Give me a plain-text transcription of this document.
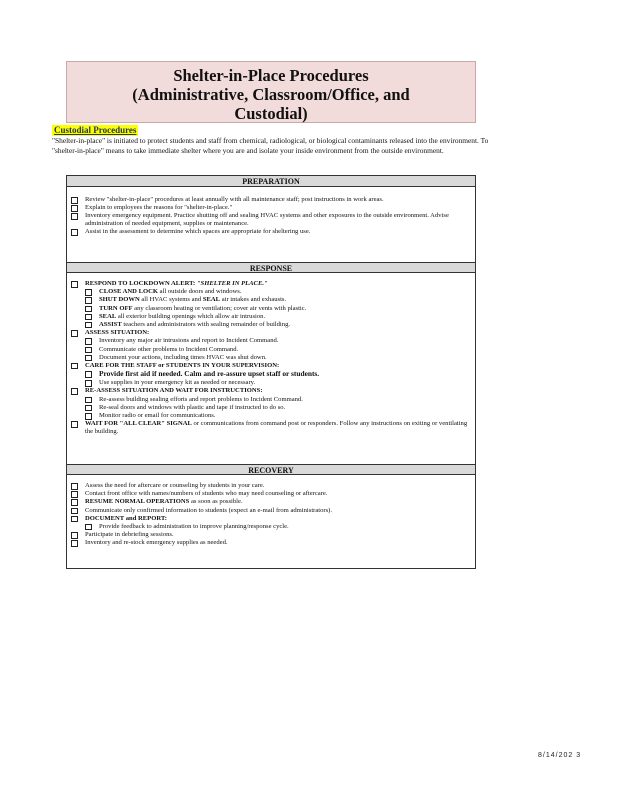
Shelter-in-Place Procedures
(Administrative, Classroom/Office, and
Custodial)
Custodial Procedures
"Shelter-in-place" is initiated to protect students and staff from chemical, radiological, or biological contaminants released into the environment. To "shelter-in-place" means to take immediate shelter where you are and isolate your inside environment from the outside environment.
PREPARATION
Review "shelter-in-place" procedures at least annually with all maintenance staff; post instructions in work areas.
Explain to employees the reasons for "shelter-in-place."
Inventory emergency equipment. Practice shutting off and sealing HVAC systems and other exposures to the outside environment. Advise administration of needed equipment, supplies or maintenance.
Assist in the assessment to determine which spaces are appropriate for sheltering use.
RESPONSE
RESPOND TO LOCKDOWN ALERT: "SHELTER IN PLACE."
CLOSE AND LOCK all outside doors and windows.
SHUT DOWN all HVAC systems and SEAL air intakes and exhausts.
TURN OFF any classroom heating or ventilation; cover air vents with plastic.
SEAL all exterior building openings which allow air intrusion.
ASSIST teachers and administrators with sealing remainder of building.
ASSESS SITUATION:
Inventory any major air intrusions and report to Incident Command.
Communicate other problems to Incident Command.
Document your actions, including times HVAC was shut down.
CARE FOR THE STAFF or STUDENTS IN YOUR SUPERVISION:
Provide first aid if needed. Calm and re-assure upset staff or students.
Use supplies in your emergency kit as needed or necessary.
RE-ASSESS SITUATION AND WAIT FOR INSTRUCTIONS:
Re-assess building sealing efforts and report problems to Incident Command.
Re-seal doors and windows with plastic and tape if instructed to do so.
Monitor radio or email for communications.
WAIT FOR "ALL CLEAR" SIGNAL or communications from command post or responders. Follow any instructions on exiting or ventilating the building.
RECOVERY
Assess the need for aftercare or counseling by students in your care.
Contact front office with names/numbers of students who may need counseling or aftercare.
RESUME NORMAL OPERATIONS as soon as possible.
Communicate only confirmed information to students (expect an e-mail from administrators).
DOCUMENT and REPORT:
Provide feedback to administration to improve planning/response cycle.
Participate in debriefing sessions.
Inventory and re-stock emergency supplies as needed.
8/14/202 3
